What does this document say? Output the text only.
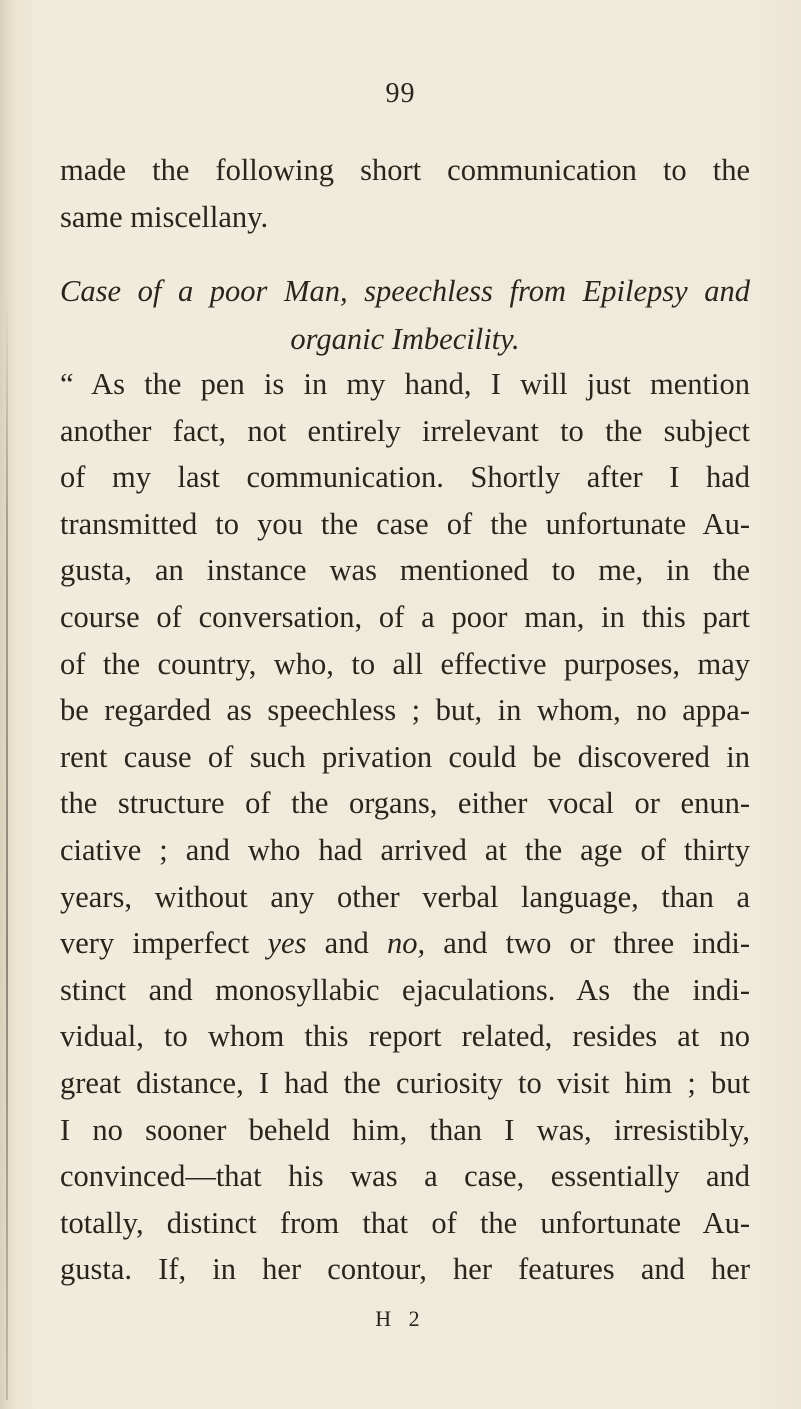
99
made the following short communication to the
same miscellany.
Case of a poor Man, speechless from Epilepsy and
organic Imbecility.
“ As the pen is in my hand, I will just mention
another fact, not entirely irrelevant to the subject
of my last communication. Shortly after I had
transmitted to you the case of the unfortunate Au-
gusta, an instance was mentioned to me, in the
course of conversation, of a poor man, in this part
of the country, who, to all effective purposes, may
be regarded as speechless ; but, in whom, no appa-
rent cause of such privation could be discovered in
the structure of the organs, either vocal or enun-
ciative ; and who had arrived at the age of thirty
years, without any other verbal language, than a
very imperfect yes and no, and two or three indi-
stinct and monosyllabic ejaculations. As the indi-
vidual, to whom this report related, resides at no
great distance, I had the curiosity to visit him ; but
I no sooner beheld him, than I was, irresistibly,
convinced—that his was a case, essentially and
totally, distinct from that of the unfortunate Au-
gusta. If, in her contour, her features and her
H 2
